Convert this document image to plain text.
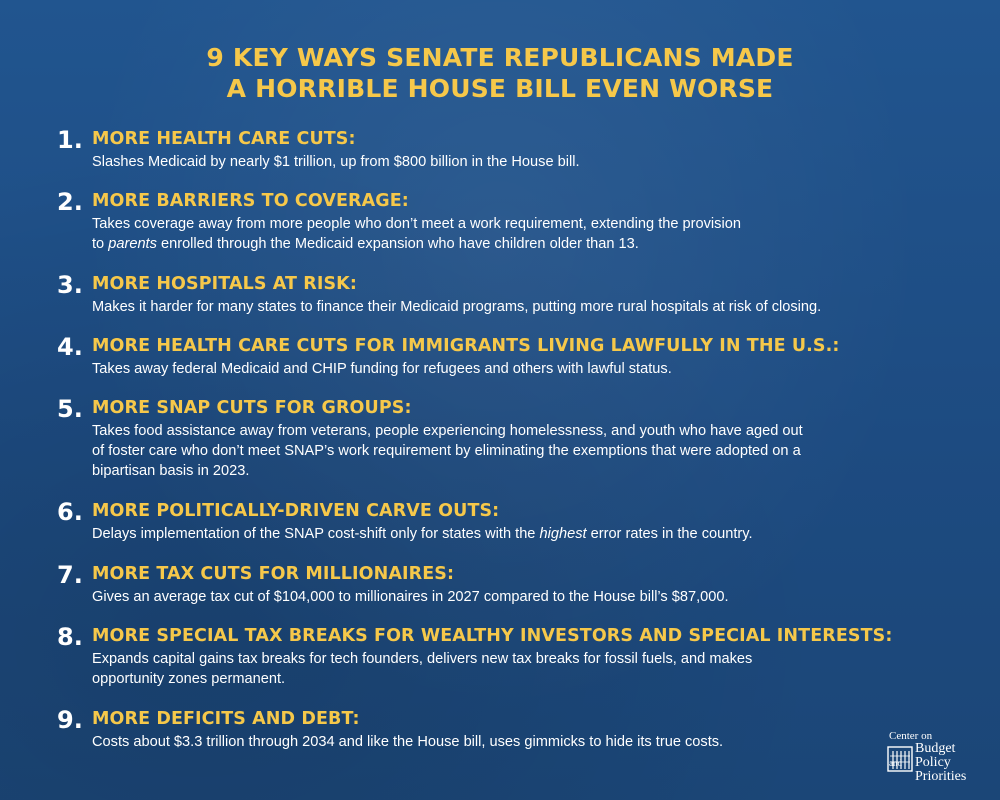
9 KEY WAYS SENATE REPUBLICANS MADE
A HORRIBLE HOUSE BILL EVEN WORSE
1. MORE HEALTH CARE CUTS:
Slashes Medicaid by nearly $1 trillion, up from $800 billion in the House bill.
2. MORE BARRIERS TO COVERAGE:
Takes coverage away from more people who don’t meet a work requirement, extending the provision
to parents enrolled through the Medicaid expansion who have children older than 13.
3. MORE HOSPITALS AT RISK:
Makes it harder for many states to finance their Medicaid programs, putting more rural hospitals at risk of closing.
4. MORE HEALTH CARE CUTS FOR IMMIGRANTS LIVING LAWFULLY IN THE U.S.:
Takes away federal Medicaid and CHIP funding for refugees and others with lawful status.
5. MORE SNAP CUTS FOR GROUPS:
Takes food assistance away from veterans, people experiencing homelessness, and youth who have aged out
of foster care who don’t meet SNAP’s work requirement by eliminating the exemptions that were adopted on a
bipartisan basis in 2023.
6. MORE POLITICALLY-DRIVEN CARVE OUTS:
Delays implementation of the SNAP cost-shift only for states with the highest error rates in the country.
7. MORE TAX CUTS FOR MILLIONAIRES:
Gives an average tax cut of $104,000 to millionaires in 2027 compared to the House bill’s $87,000.
8. MORE SPECIAL TAX BREAKS FOR WEALTHY INVESTORS AND SPECIAL INTERESTS:
Expands capital gains tax breaks for tech founders, delivers new tax breaks for fossil fuels, and makes
opportunity zones permanent.
9. MORE DEFICITS AND DEBT:
Costs about $3.3 trillion through 2034 and like the House bill, uses gimmicks to hide its true costs.	Center on
Budget
and Policy
Priorities
